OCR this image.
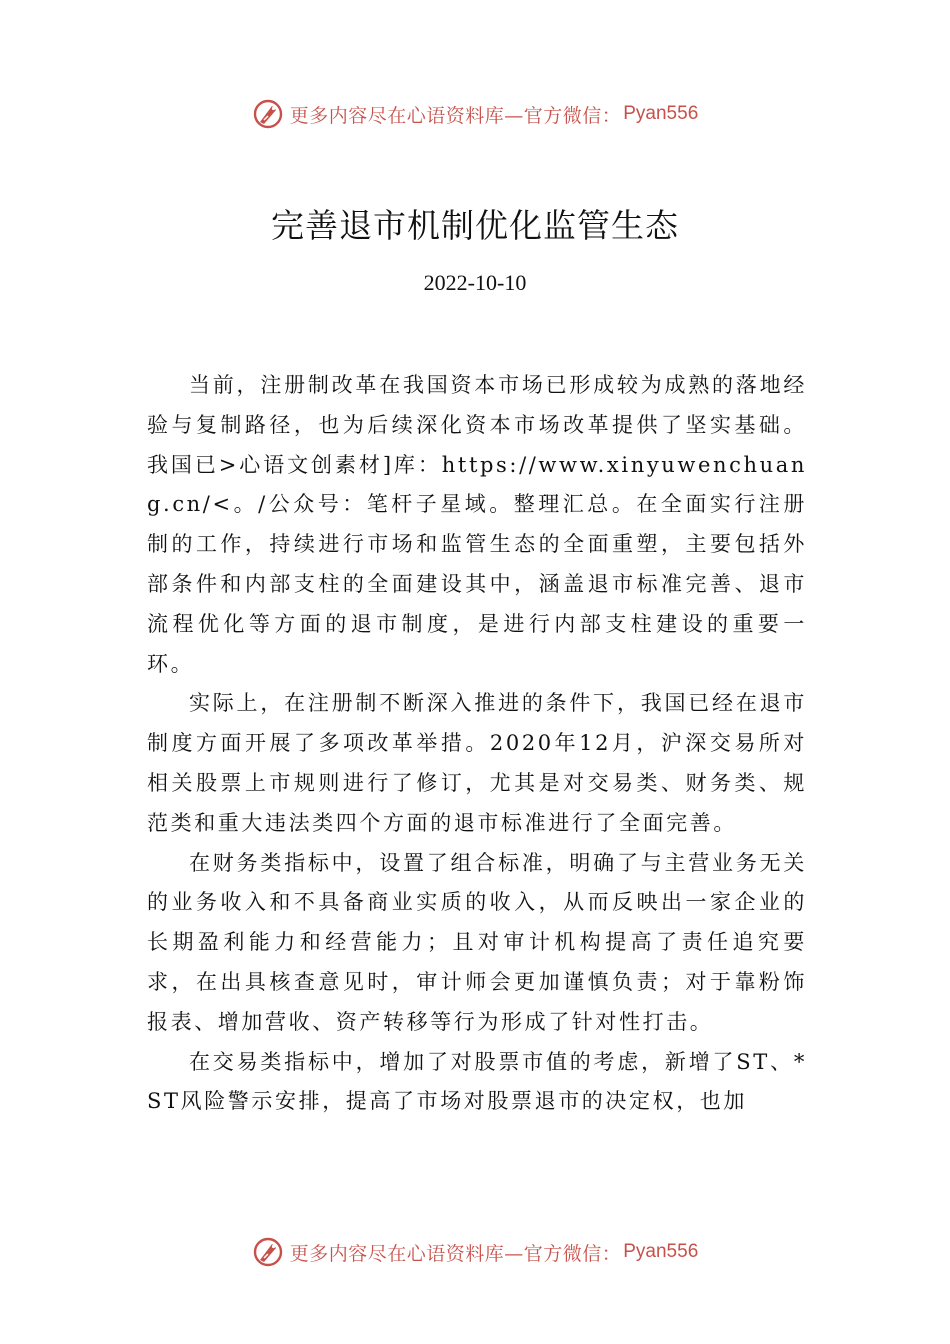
更多内容尽在心语资料库—官方微信： Pyan556
完善退市机制优化监管生态
2022-10-10

当前，注册制改革在我国资本市场已形成较为成熟的落地经验与复制路径，也为后续深化资本市场改革提供了坚实基础。我国已>心语文创素材]库：https://www.xinyuwenchuang.cn/<。/公众号：笔杆子星域。整理汇总。在全面实行注册制的工作，持续进行市场和监管生态的全面重塑，主要包括外部条件和内部支柱的全面建设其中，涵盖退市标准完善、退市流程优化等方面的退市制度，是进行内部支柱建设的重要一环。

实际上，在注册制不断深入推进的条件下，我国已经在退市制度方面开展了多项改革举措。2020年12月，沪深交易所对相关股票上市规则进行了修订，尤其是对交易类、财务类、规范类和重大违法类四个方面的退市标准进行了全面完善。

在财务类指标中，设置了组合标准，明确了与主营业务无关的业务收入和不具备商业实质的收入，从而反映出一家企业的长期盈利能力和经营能力；且对审计机构提高了责任追究要求，在出具核查意见时，审计师会更加谨慎负责；对于靠粉饰报表、增加营收、资产转移等行为形成了针对性打击。

在交易类指标中，增加了对股票市值的考虑，新增了ST、*ST风险警示安排，提高了市场对股票退市的决定权，也加

更多内容尽在心语资料库—官方微信： Pyan556
